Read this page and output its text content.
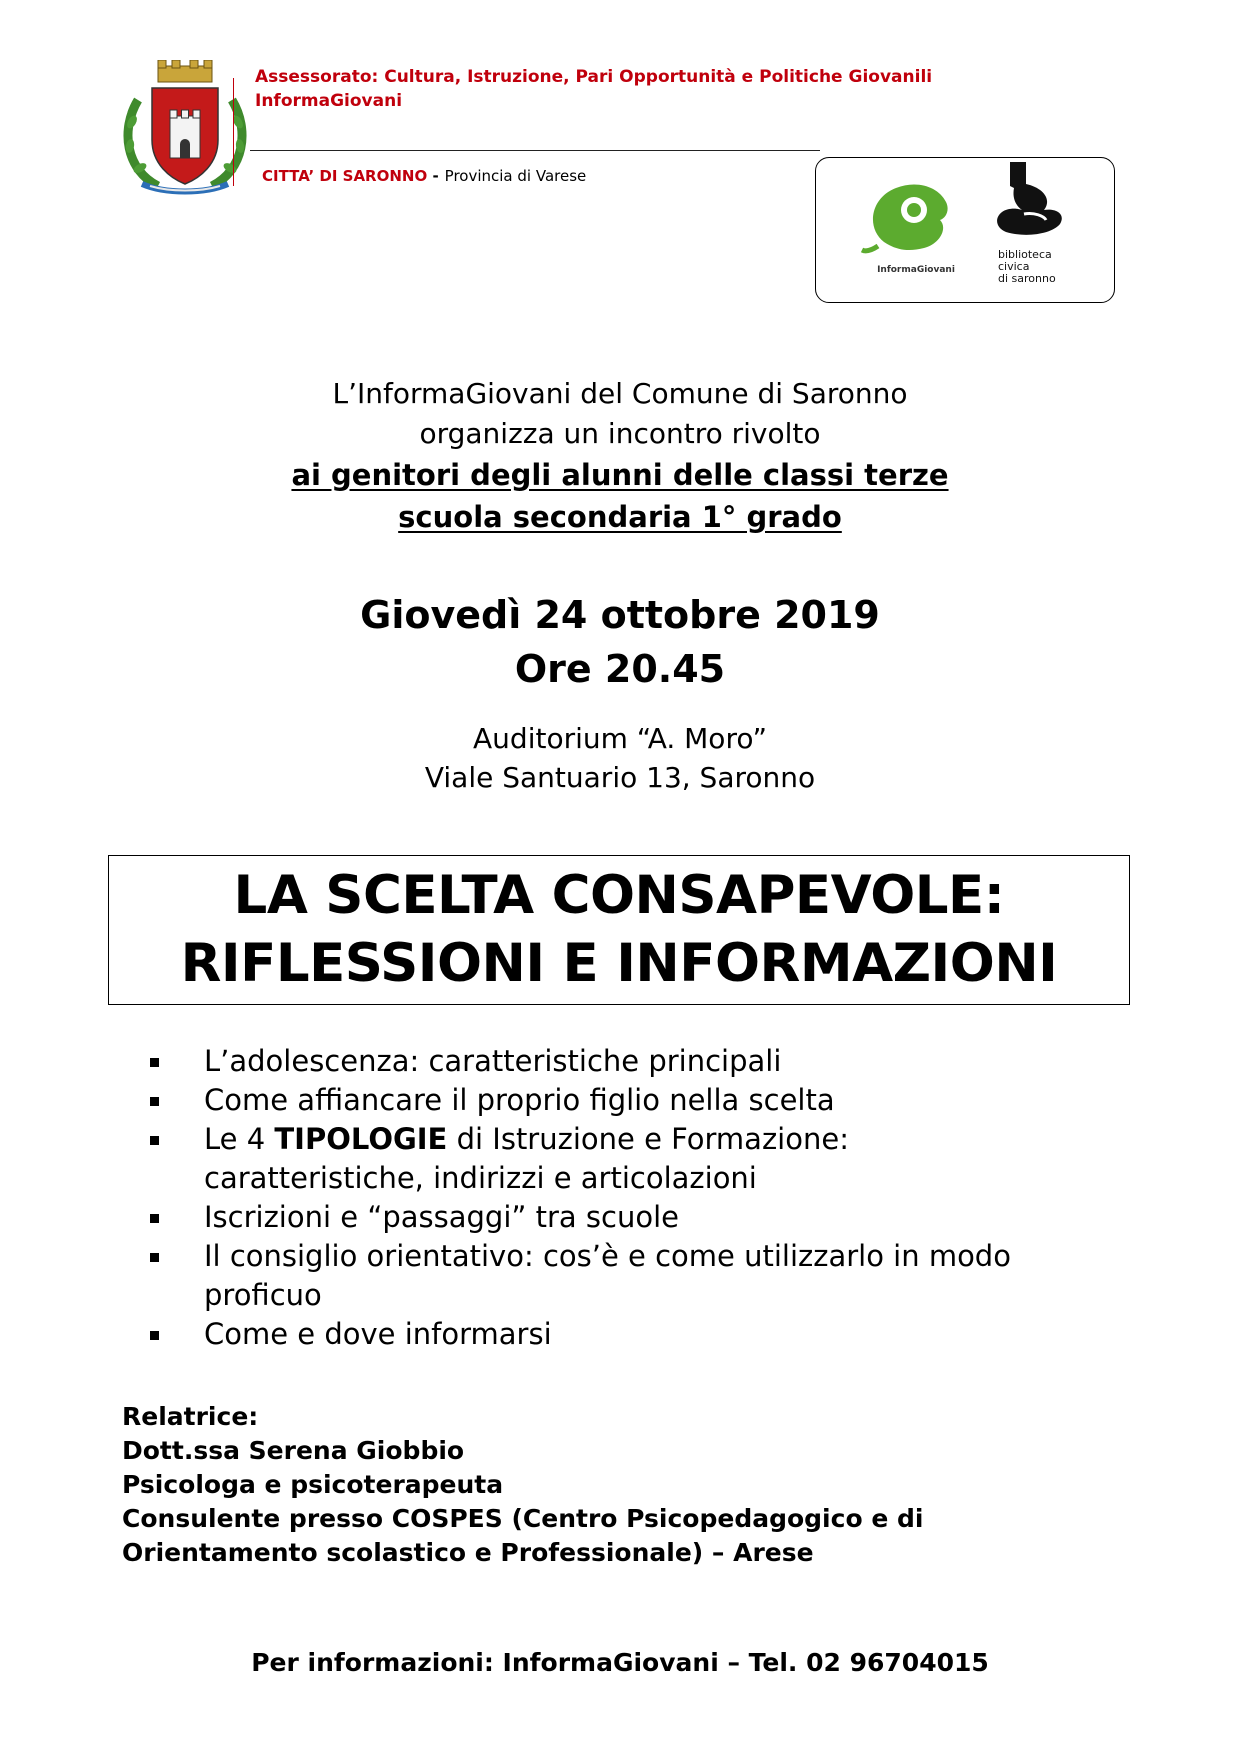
Assessorato: Cultura, Istruzione, Pari Opportunità e Politiche Giovanili
InformaGiovani
CITTA’ DI SARONNO - Provincia di Varese
InformaGiovani
biblioteca
civica
di saronno
L’InformaGiovani del Comune di Saronno
organizza un incontro rivolto
ai genitori degli alunni delle classi terze
scuola secondaria 1° grado
Giovedì 24 ottobre 2019
Ore 20.45
Auditorium “A. Moro”
Viale Santuario 13, Saronno
LA SCELTA CONSAPEVOLE:
RIFLESSIONI E INFORMAZIONI
L’adolescenza: caratteristiche principali
Come affiancare il proprio figlio nella scelta
Le 4 TIPOLOGIE di Istruzione e Formazione:
caratteristiche, indirizzi e articolazioni
Iscrizioni e “passaggi” tra scuole
Il consiglio orientativo: cos’è e come utilizzarlo in modo
proficuo
Come e dove informarsi
Relatrice:
Dott.ssa Serena Giobbio
Psicologa e psicoterapeuta
Consulente presso COSPES (Centro Psicopedagogico e di
Orientamento scolastico e Professionale) – Arese
Per informazioni: InformaGiovani – Tel. 02 96704015
